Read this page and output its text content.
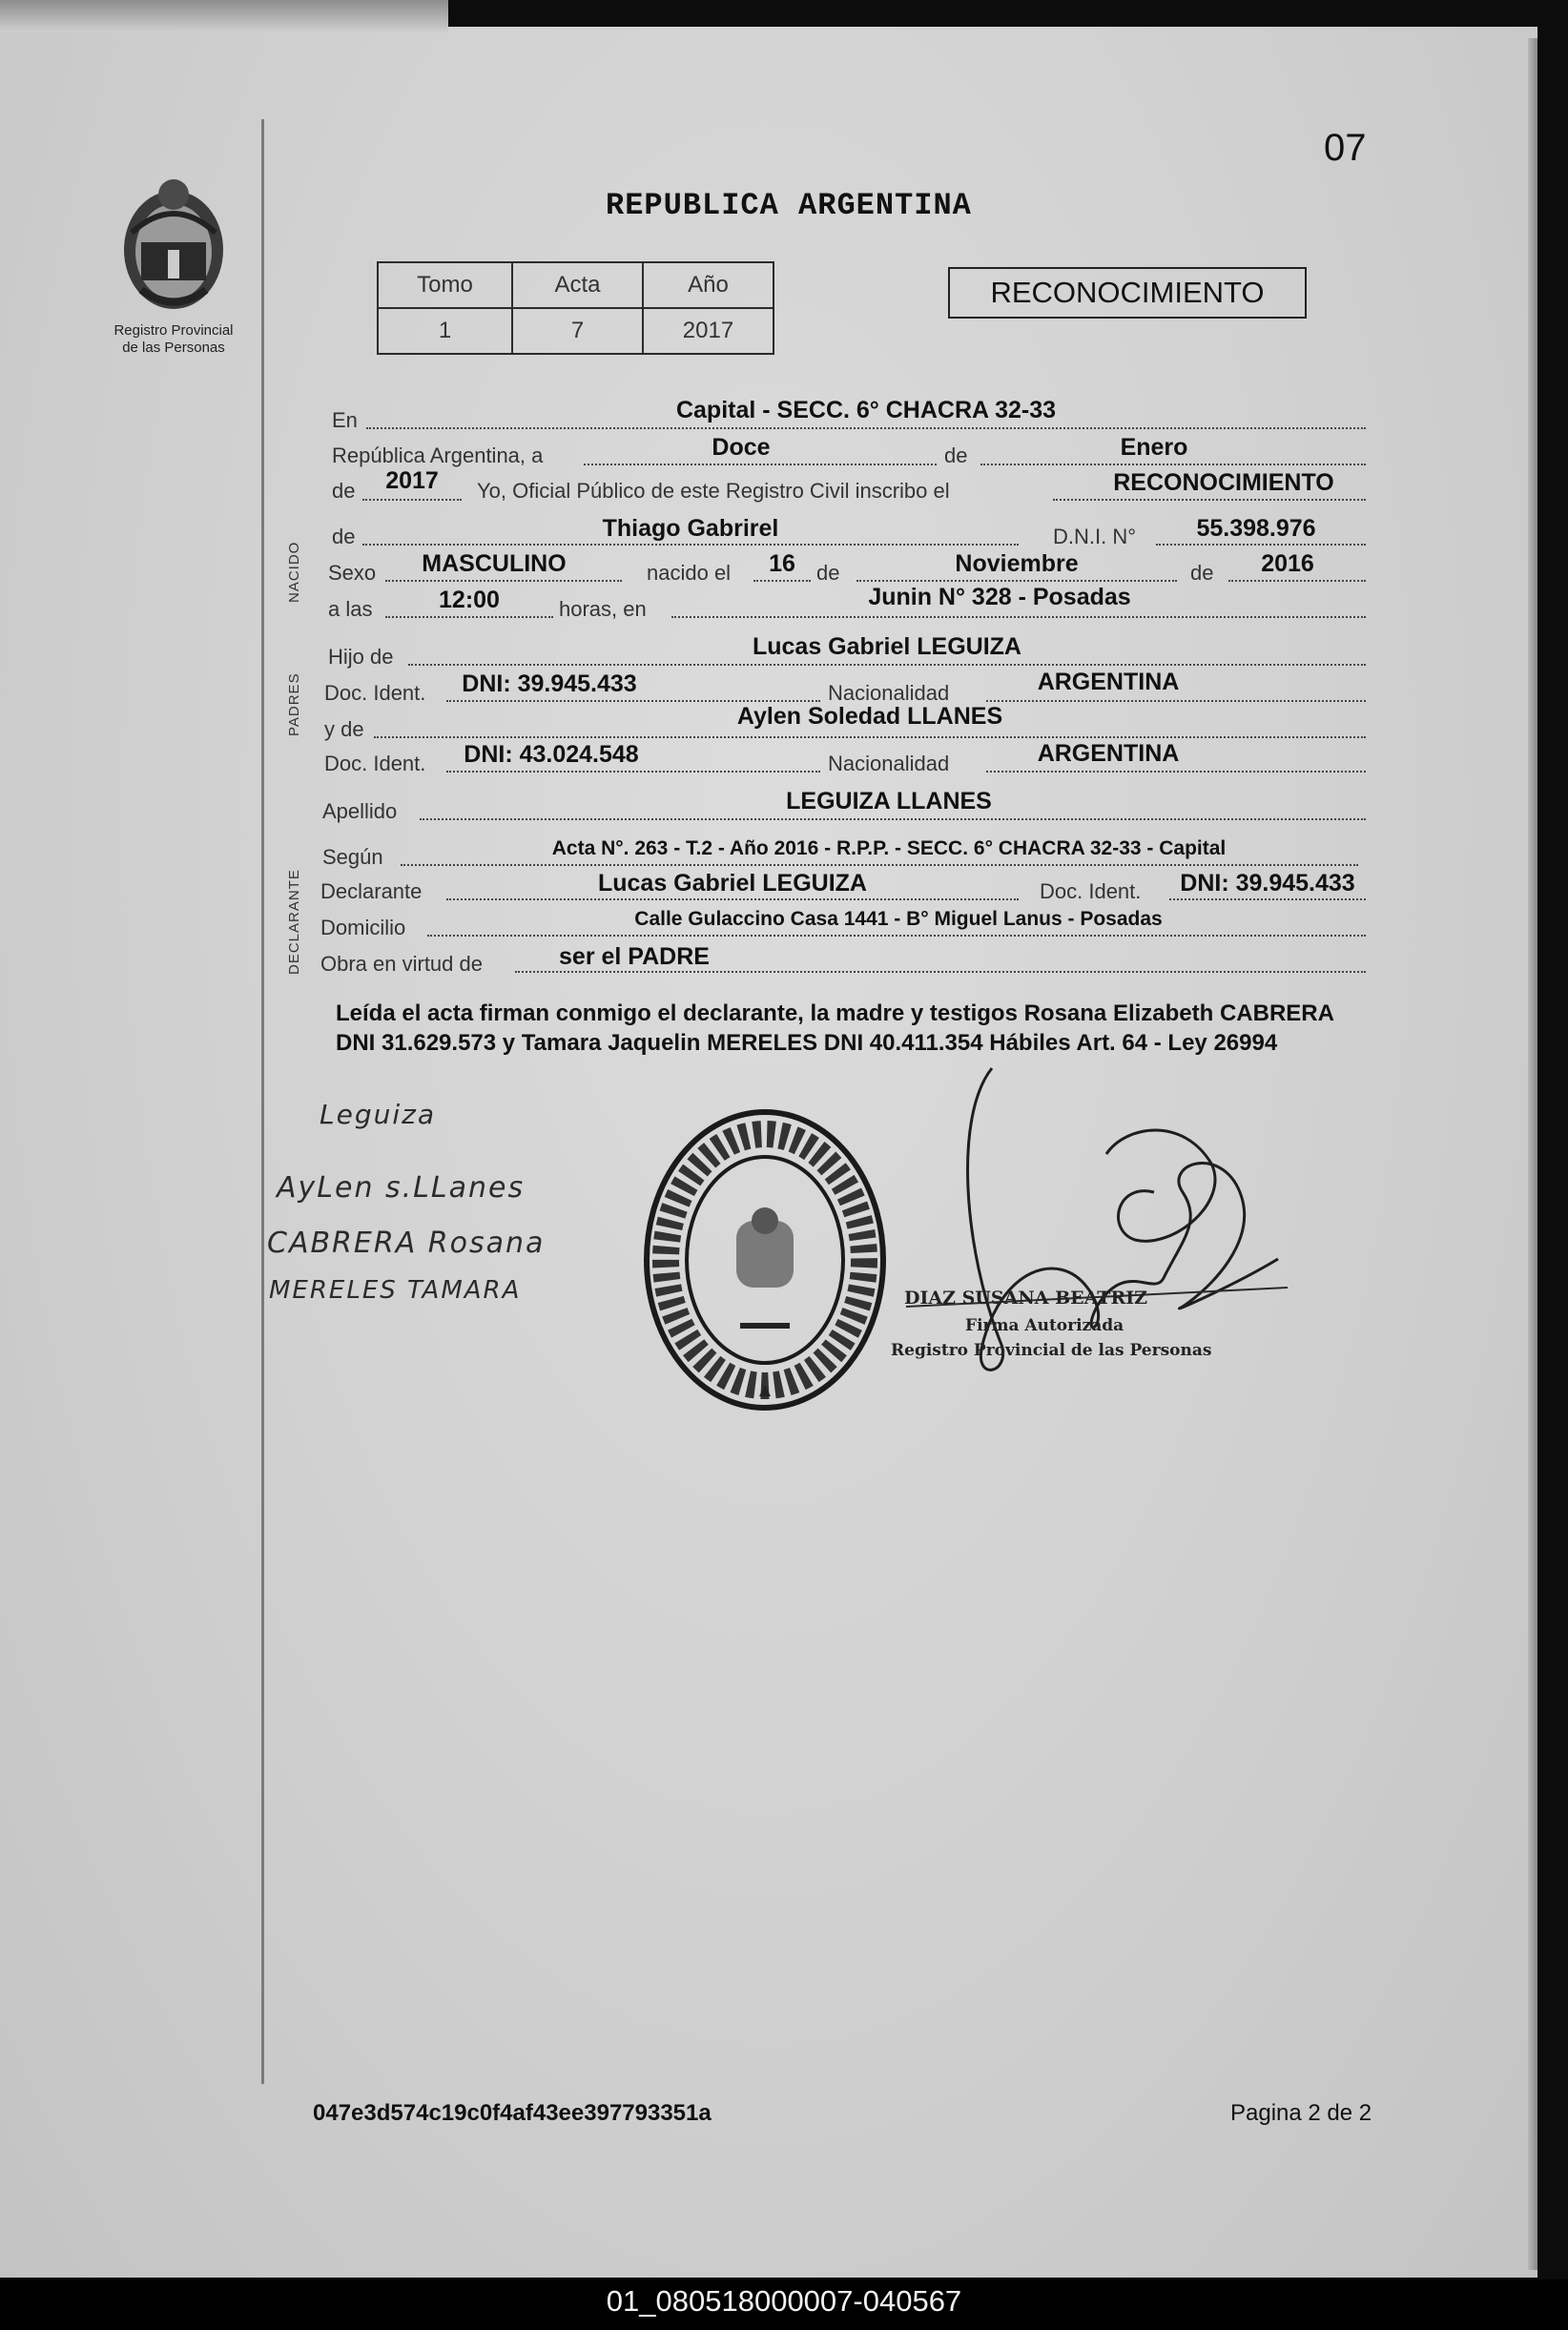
07
Registro Provincial
de las Personas
REPUBLICA ARGENTINA
Tomo	Acta	Año
1	7	2017
RECONOCIMIENTO
NACIDO
PADRES
DECLARANTE
En	Capital - SECC. 6° CHACRA 32-33
República Argentina, a	Doce	de	Enero
de	2017	Yo, Oficial Público de este Registro Civil inscribo el	RECONOCIMIENTO
de	Thiago Gabrirel	D.N.I. N°	55.398.976
Sexo	MASCULINO	nacido el	16	de	Noviembre	de	2016
a las	12:00	horas, en	Junin N° 328 - Posadas
Hijo de	Lucas Gabriel LEGUIZA
Doc. Ident.	DNI: 39.945.433	Nacionalidad	ARGENTINA
y de	Aylen Soledad LLANES
Doc. Ident.	DNI: 43.024.548	Nacionalidad	ARGENTINA
Apellido	LEGUIZA LLANES
Según	Acta N°. 263 - T.2 - Año 2016 - R.P.P. - SECC. 6° CHACRA 32-33 - Capital
Declarante	Lucas Gabriel LEGUIZA	Doc. Ident.	DNI: 39.945.433
Domicilio	Calle Gulaccino Casa 1441 - B° Miguel Lanus - Posadas
Obra en virtud de	ser el PADRE
Leída el acta firman conmigo el declarante, la madre y testigos Rosana Elizabeth CABRERA DNI 31.629.573 y Tamara Jaquelin MERELES DNI 40.411.354 Hábiles Art. 64 - Ley 26994
Leguiza
AyLen s.LLanes
CABRERA Rosana
MERELES TAMARA	DIAZ SUSANA BEATRIZ
Firma Autorizada
Registro Provincial de las Personas
047e3d574c19c0f4af43ee397793351a	Pagina 2 de 2
01_080518000007-040567
